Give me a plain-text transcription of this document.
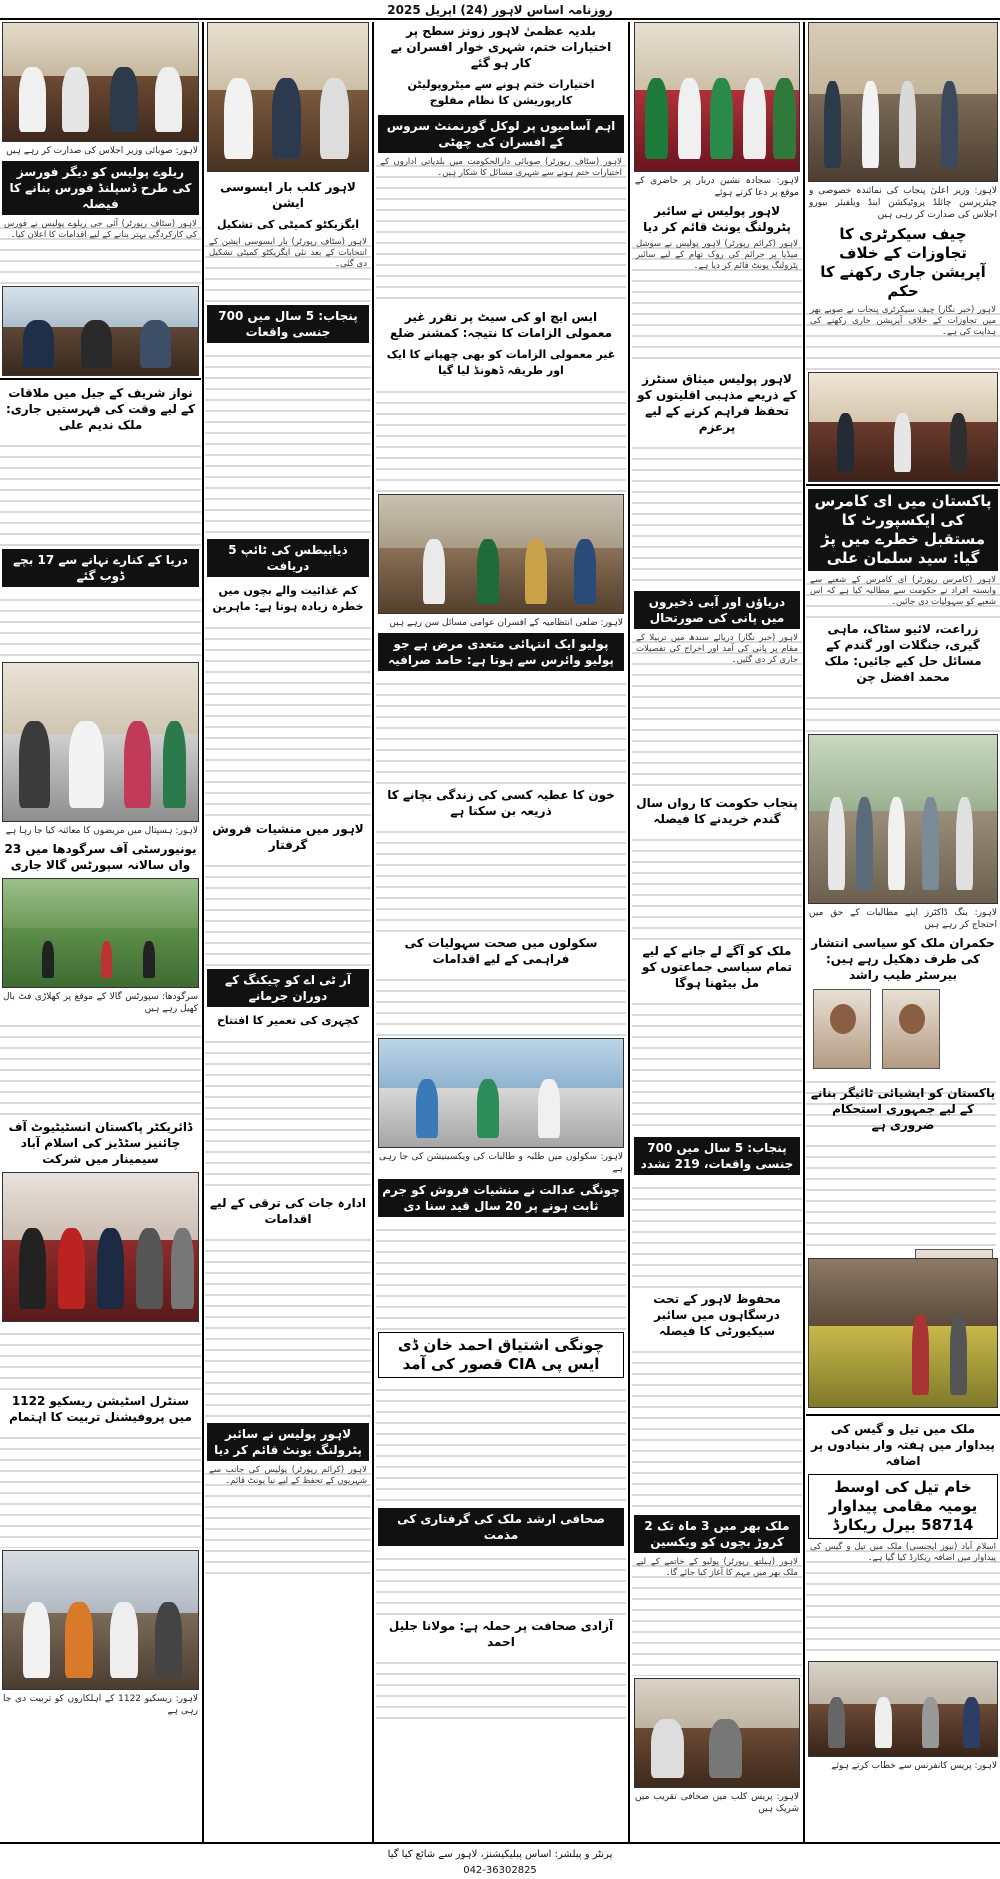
روزنامہ اساس لاہور (24) اپریل 2025
لاہور: وزیر اعلیٰ پنجاب کی نمائندہ خصوصی و چیئرپرسن چائلڈ پروٹیکشن اینڈ ویلفیئر بیورو اجلاس کی صدارت کر رہی ہیں
چیف سیکرٹری کا تجاوزات کے خلاف آپریشن جاری رکھنے کا حکم
لاہور (خبر نگار) چیف سیکرٹری پنجاب نے صوبے بھر میں تجاوزات کے خلاف آپریشن جاری رکھنے کی ہدایت کی ہے۔
پاکستان میں ای کامرس کی ایکسپورٹ کا مستقبل خطرے میں پڑ گیا: سید سلمان علی
لاہور (کامرس رپورٹر) ای کامرس کے شعبے سے وابستہ افراد نے حکومت سے مطالبہ کیا ہے کہ اس شعبے کو سہولیات دی جائیں۔
زراعت، لائیو سٹاک، ماہی گیری، جنگلات اور گندم کے مسائل حل کیے جائیں: ملک محمد افضل چن
لاہور: ینگ ڈاکٹرز اپنے مطالبات کے حق میں احتجاج کر رہے ہیں
حکمران ملک کو سیاسی انتشار کی طرف دھکیل رہے ہیں: بیرسٹر طیب راشد

پاکستان کو ایشیائی ٹائیگر بنانے کے لیے جمہوری استحکام ضروری ہے

ملک میں تیل و گیس کی پیداوار میں ہفتہ وار بنیادوں پر اضافہ
خام تیل کی اوسط یومیہ مقامی پیداوار 58714 بیرل ریکارڈ
اسلام آباد (نیوز ایجنسی) ملک میں تیل و گیس کی پیداوار میں اضافہ ریکارڈ کیا گیا ہے۔
لاہور: پریس کانفرنس سے خطاب کرتے ہوئے
بلدیہ عظمیٰ لاہور زونز سطح پر اختیارات ختم، شہری خوار افسران بے کار ہو گئے
اختیارات ختم ہونے سے میٹروپولیٹن کارپوریشن کا نظام مفلوج
اہم آسامیوں پر لوکل گورنمنٹ سروس کے افسران کی چھٹی
لاہور (سٹاف رپورٹر) صوبائی دارالحکومت میں بلدیاتی اداروں کے اختیارات ختم ہونے سے شہری مسائل کا شکار ہیں۔
ایس ایچ او کی سیٹ پر تقرر غیر معمولی الزامات کا نتیجہ: کمشنر ضلع
غیر معمولی الزامات کو بھی چھپانے کا ایک اور طریقہ ڈھونڈ لیا گیا
لاہور: ضلعی انتظامیہ کے افسران عوامی مسائل سن رہے ہیں
پولیو ایک انتہائی متعدی مرض ہے جو پولیو وائرس سے ہوتا ہے: حامد صرافیہ
خون کا عطیہ کسی کی زندگی بچانے کا ذریعہ بن سکتا ہے
سکولوں میں صحت سہولیات کی فراہمی کے لیے اقدامات
لاہور: سکولوں میں طلبہ و طالبات کی ویکسینیشن کی جا رہی ہے
چونگی عدالت نے منشیات فروش کو جرم ثابت ہونے پر 20 سال قید سنا دی
چونگی اشتیاق احمد خان ڈی ایس پی CIA قصور کی آمد
صحافی ارشد ملک کی گرفتاری کی مذمت
آزادی صحافت پر حملہ ہے: مولانا جلیل احمد
لاہور کلب بار ایسوسی ایشن
ایگزیکٹو کمیٹی کی تشکیل
لاہور (سٹاف رپورٹر) بار ایسوسی ایشن کے انتخابات کے بعد نئی ایگزیکٹو کمیٹی تشکیل دی گئی۔
پنجاب: 5 سال میں 700 جنسی واقعات
ذیابیطس کی ٹائپ 5 دریافت
کم غذائیت والے بچوں میں خطرہ زیادہ ہوتا ہے: ماہرین
لاہور میں منشیات فروش گرفتار
آر ٹی اے کو چیکنگ کے دوران جرمانے
کچہری کی تعمیر کا افتتاح
ادارہ جات کی ترقی کے لیے اقدامات
لاہور پولیس نے سائبر پٹرولنگ یونٹ قائم کر دیا
لاہور (کرائم رپورٹر) پولیس کی جانب سے شہریوں کے تحفظ کے لیے نیا یونٹ قائم۔
لاہور: صوبائی وزیر اجلاس کی صدارت کر رہے ہیں
ریلوے پولیس کو دیگر فورسز کی طرح ڈسپلنڈ فورس بنانے کا فیصلہ
لاہور (سٹاف رپورٹر) آئی جی ریلوے پولیس نے فورس کی کارکردگی بہتر بنانے کے لیے اقدامات کا اعلان کیا۔
نواز شریف کے جیل میں ملاقات کے لیے وقت کی فہرستیں جاری: ملک ندیم علی
دریا کے کنارے نہانے سے 17 بچے ڈوب گئے
لاہور: ہسپتال میں مریضوں کا معائنہ کیا جا رہا ہے
یونیورسٹی آف سرگودھا میں 23 واں سالانہ سپورٹس گالا جاری
سرگودھا: سپورٹس گالا کے موقع پر کھلاڑی فٹ بال کھیل رہے ہیں
ڈائریکٹر پاکستان انسٹیٹیوٹ آف چائنیز سٹڈیز کی اسلام آباد سیمینار میں شرکت
سنٹرل اسٹیشن ریسکیو 1122 میں پروفیشنل تربیت کا اہتمام
لاہور: ریسکیو 1122 کے اہلکاروں کو تربیت دی جا رہی ہے
پرنٹر و پبلشر: اساس پبلیکیشنز، لاہور سے شائع کیا گیا
042-36302825
لاہور: سجادہ نشین دربار پر حاضری کے موقع پر دعا کرتے ہوئے
لاہور پولیس نے سائبر پٹرولنگ یونٹ قائم کر دیا
لاہور (کرائم رپورٹر) لاہور پولیس نے سوشل میڈیا پر جرائم کی روک تھام کے لیے سائبر پٹرولنگ یونٹ قائم کر دیا ہے۔
لاہور پولیس میثاق سنٹرز کے ذریعے مذہبی اقلیتوں کو تحفظ فراہم کرنے کے لیے پرعزم
دریاؤں اور آبی ذخیروں میں پانی کی صورتحال
لاہور (خبر نگار) دریائے سندھ میں تربیلا کے مقام پر پانی کی آمد اور اخراج کی تفصیلات جاری کر دی گئیں۔
پنجاب حکومت کا رواں سال گندم خریدنے کا فیصلہ
ملک کو آگے لے جانے کے لیے تمام سیاسی جماعتوں کو مل بیٹھنا ہوگا
پنجاب: 5 سال میں 700 جنسی واقعات، 219 تشدد
محفوظ لاہور کے تحت درسگاہوں میں سائبر سیکیورٹی کا فیصلہ
ملک بھر میں 3 ماہ تک 2 کروڑ بچوں کو ویکسین
لاہور (ہیلتھ رپورٹر) پولیو کے خاتمے کے لیے ملک بھر میں مہم کا آغاز کیا جائے گا۔
لاہور: پریس کلب میں صحافی تقریب میں شریک ہیں
